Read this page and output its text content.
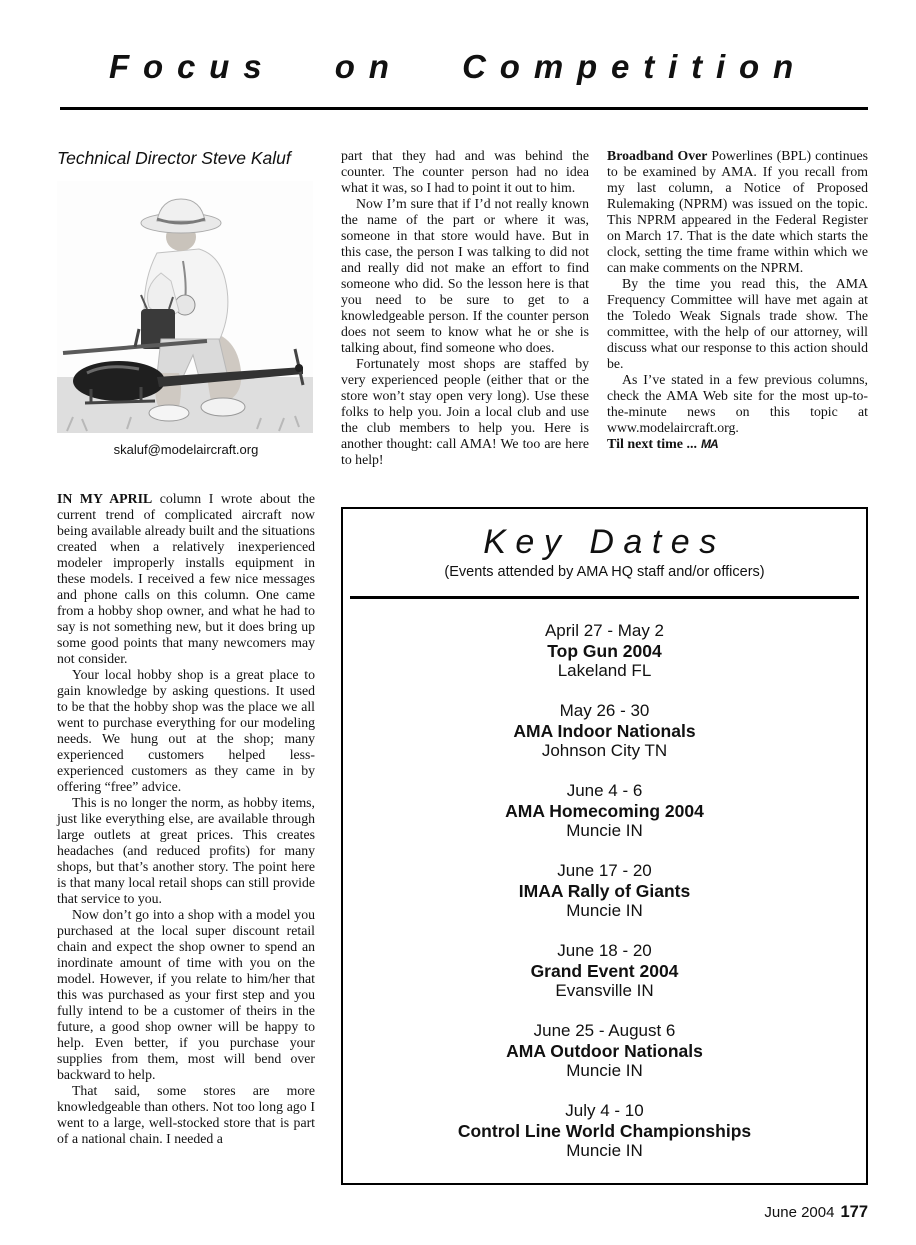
Focus on Competition
Technical Director Steve Kaluf
skaluf@modelaircraft.org

IN MY APRIL column I wrote about the current trend of complicated aircraft now being available already built and the situations created when a relatively inexperienced modeler improperly installs equipment in these models. I received a few nice messages and phone calls on this column. One came from a hobby shop owner, and what he had to say is not something new, but it does bring up some good points that many newcomers may not consider.

Your local hobby shop is a great place to gain knowledge by asking questions. It used to be that the hobby shop was the place we all went to purchase everything for our modeling needs. We hung out at the shop; many experienced customers helped less-experienced customers as they came in by offering “free” advice.

This is no longer the norm, as hobby items, just like everything else, are available through large outlets at great prices. This creates headaches (and reduced profits) for many shops, but that’s another story. The point here is that many local retail shops can still provide that service to you.

Now don’t go into a shop with a model you purchased at the local super discount retail chain and expect the shop owner to spend an inordinate amount of time with you on the model. However, if you relate to him/her that this was purchased as your first step and you fully intend to be a customer of theirs in the future, a good shop owner will be happy to help. Even better, if you purchase your supplies from them, most will bend over backward to help.

That said, some stores are more knowledgeable than others. Not too long ago I went to a large, well-stocked store that is part of a national chain. I needed a

part that they had and was behind the counter. The counter person had no idea what it was, so I had to point it out to him.

Now I’m sure that if I’d not really known the name of the part or where it was, someone in that store would have. But in this case, the person I was talking to did not and really did not make an effort to find someone who did. So the lesson here is that you need to be sure to get to a knowledgeable person. If the counter person does not seem to know what he or she is talking about, find someone who does.

Fortunately most shops are staffed by very experienced people (either that or the store won’t stay open very long). Use these folks to help you. Join a local club and use the club members to help you. Here is another thought: call AMA! We too are here to help!

Broadband Over Powerlines (BPL) continues to be examined by AMA. If you recall from my last column, a Notice of Proposed Rulemaking (NPRM) was issued on the topic. This NPRM appeared in the Federal Register on March 17. That is the date which starts the clock, setting the time frame within which we can make comments on the NPRM.

By the time you read this, the AMA Frequency Committee will have met again at the Toledo Weak Signals trade show. The committee, with the help of our attorney, will discuss what our response to this action should be.

As I’ve stated in a few previous columns, check the AMA Web site for the most up-to-the-minute news on this topic at www.modelaircraft.org.

Til next time ... MA

Key Dates
(Events attended by AMA HQ staff and/or officers)
April 27 - May 2
Top Gun 2004
Lakeland FL
May 26 - 30
AMA Indoor Nationals
Johnson City TN
June 4 - 6
AMA Homecoming 2004
Muncie IN
June 17 - 20
IMAA Rally of Giants
Muncie IN
June 18 - 20
Grand Event 2004
Evansville IN
June 25 - August 6
AMA Outdoor Nationals
Muncie IN
July 4 - 10
Control Line World Championships
Muncie IN
June 2004 177
